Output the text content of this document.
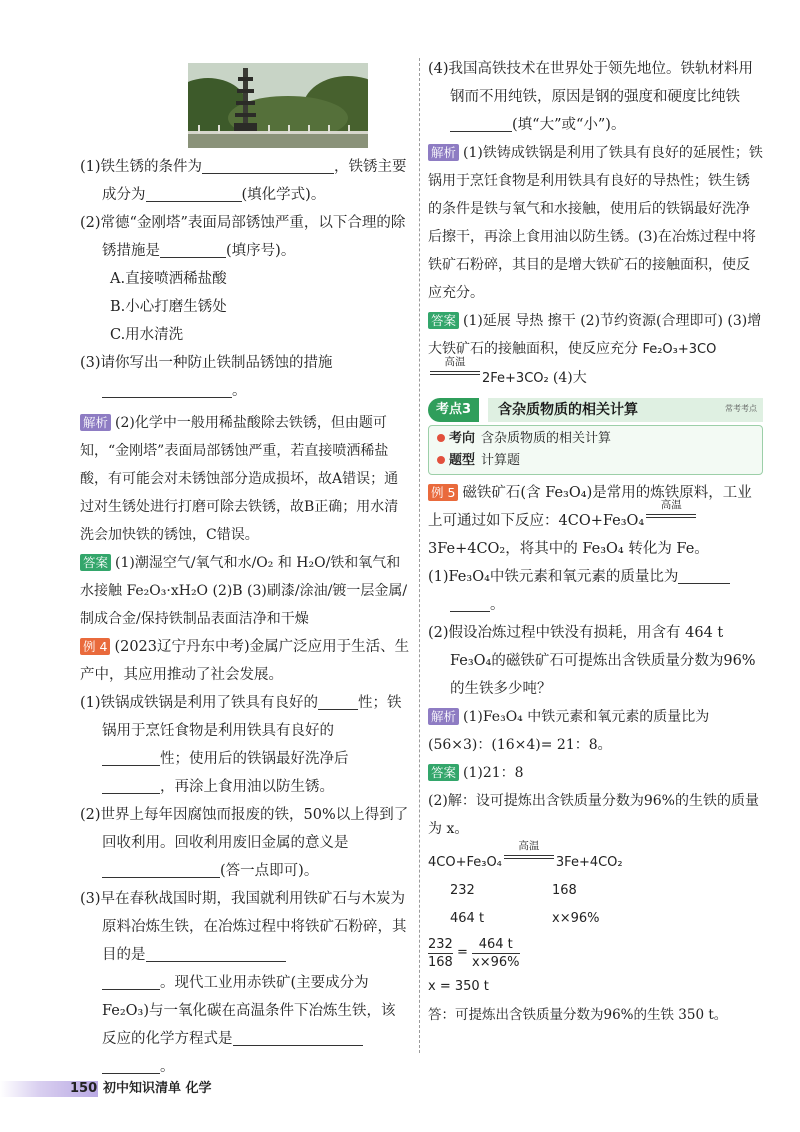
(1)铁生锈的条件为	，铁锈主要成分为	(填化学式)。
(2)常德“金刚塔”表面局部锈蚀严重，以下合理的除锈措施是	(填序号)。
A.直接喷洒稀盐酸
B.小心打磨生锈处
C.用水清洗
(3)请你写出一种防止铁制品锈蚀的措施
。
解析 (2)化学中一般用稀盐酸除去铁锈，但由题可知，“金刚塔”表面局部锈蚀严重，若直接喷洒稀盐酸，有可能会对未锈蚀部分造成损坏，故A错误；通过对生锈处进行打磨可除去铁锈，故B正确；用水清洗会加快铁的锈蚀，C错误。
答案 (1)潮湿空气/氧气和水/O₂ 和 H₂O/铁和氧气和水接触 Fe₂O₃·xH₂O (2)B (3)刷漆/涂油/镀一层金属/制成合金/保持铁制品表面洁净和干燥
例 4 (2023辽宁丹东中考)金属广泛应用于生活、生产中，其应用推动了社会发展。
(1)铁锅成铁锅是利用了铁具有良好的	性；铁锅用于烹饪食物是利用铁具有良好的
性；使用后的铁锅最好洗净后
，再涂上食用油以防生锈。
(2)世界上每年因腐蚀而报废的铁，50%以上得到了回收利用。回收利用废旧金属的意义是(答一点即可)。
(3)早在春秋战国时期，我国就利用铁矿石与木炭为原料冶炼生铁，在冶炼过程中将铁矿石粉碎，其目的是
。现代工业用赤铁矿(主要成分为 Fe₂O₃)与一氧化碳在高温条件下冶炼生铁，该反应的化学方程式是
。
(4)我国高铁技术在世界处于领先地位。铁轨材料用钢而不用纯铁，原因是钢的强度和硬度比纯铁(填“大”或“小”)。
解析 (1)铁铸成铁锅是利用了铁具有良好的延展性；铁锅用于烹饪食物是利用铁具有良好的导热性；铁生锈的条件是铁与氧气和水接触，使用后的铁锅最好洗净后擦干，再涂上食用油以防生锈。(3)在冶炼过程中将铁矿石粉碎，其目的是增大铁矿石的接触面积，使反应充分。
答案 (1)延展 导热 擦干 (2)节约资源(合理即可) (3)增大铁矿石的接触面积，使反应充分 Fe₂O₃+3CO
高温
2Fe+3CO₂ (4)大
含杂质物质的相关计算
考点3	常考考点
考向 含杂质物质的相关计算
题型 计算题
例 5 磁铁矿石(含 Fe₃O₄)是常用的炼铁原料，工业上可通过如下反应：4CO+Fe₃O₄
高温
3Fe+4CO₂，将其中的 Fe₃O₄ 转化为 Fe。
(1)Fe₃O₄中铁元素和氧元素的质量比为
。
(2)假设冶炼过程中铁没有损耗，用含有 464 t Fe₃O₄的磁铁矿石可提炼出含铁质量分数为96%的生铁多少吨？
解析 (1)Fe₃O₄ 中铁元素和氧元素的质量比为(56×3)：(16×4)= 21：8。
答案 (1)21：8
(2)解：设可提炼出含铁质量分数为96%的生铁的质量为 x。
4CO+Fe₃O₄
高温
3Fe+4CO₂
232	168
464 t	x×96%
$\frac{232}{168} = \frac{464 t}{x\times 96\%}$
x = 350 t
答：可提炼出含铁质量分数为96%的生铁 350 t。
150 初中知识清单 化学
